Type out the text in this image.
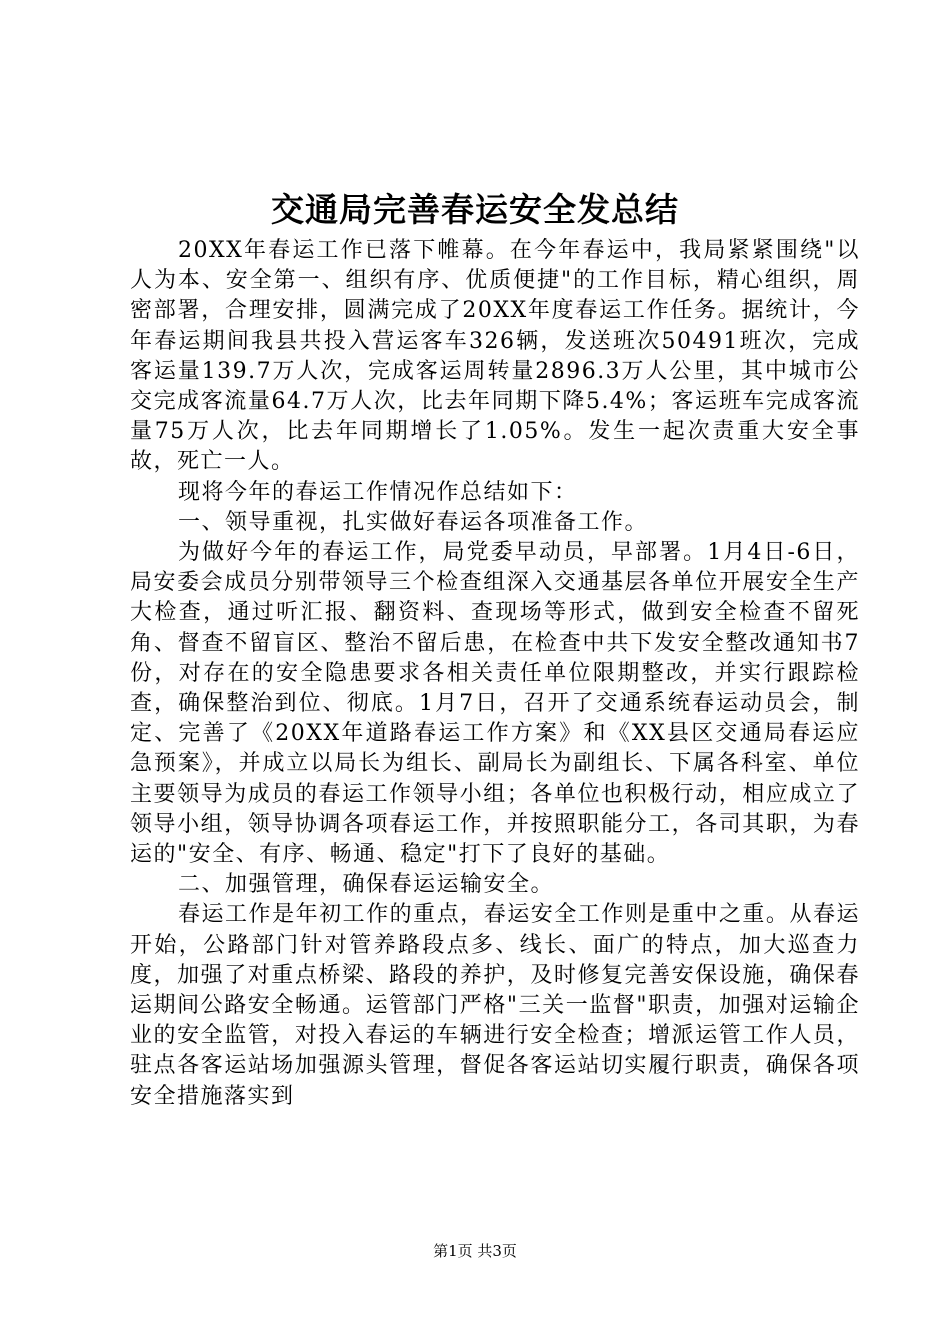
交通局完善春运安全发总结

20XX年春运工作已落下帷幕。在今年春运中，我局紧紧围绕"以人为本、安全第一、组织有序、优质便捷"的工作目标，精心组织，周密部署，合理安排，圆满完成了20XX年度春运工作任务。据统计，今年春运期间我县共投入营运客车326辆，发送班次50491班次，完成客运量139.7万人次，完成客运周转量2896.3万人公里，其中城市公交完成客流量64.7万人次，比去年同期下降5.4%；客运班车完成客流量75万人次，比去年同期增长了1.05%。发生一起次责重大安全事故，死亡一人。

现将今年的春运工作情况作总结如下：

一、领导重视，扎实做好春运各项准备工作。

为做好今年的春运工作，局党委早动员，早部署。1月4日-6日，局安委会成员分别带领导三个检查组深入交通基层各单位开展安全生产大检查，通过听汇报、翻资料、查现场等形式，做到安全检查不留死角、督查不留盲区、整治不留后患，在检查中共下发安全整改通知书7份，对存在的安全隐患要求各相关责任单位限期整改，并实行跟踪检查，确保整治到位、彻底。1月7日，召开了交通系统春运动员会，制定、完善了《20XX年道路春运工作方案》和《XX县区交通局春运应急预案》，并成立以局长为组长、副局长为副组长、下属各科室、单位主要领导为成员的春运工作领导小组；各单位也积极行动，相应成立了领导小组，领导协调各项春运工作，并按照职能分工，各司其职，为春运的"安全、有序、畅通、稳定"打下了良好的基础。

二、加强管理，确保春运运输安全。

春运工作是年初工作的重点，春运安全工作则是重中之重。从春运开始，公路部门针对管养路段点多、线长、面广的特点，加大巡查力度，加强了对重点桥梁、路段的养护，及时修复完善安保设施，确保春运期间公路安全畅通。运管部门严格"三关一监督"职责，加强对运输企业的安全监管，对投入春运的车辆进行安全检查；增派运管工作人员，驻点各客运站场加强源头管理，督促各客运站切实履行职责，确保各项安全措施落实到

第1页 共3页
